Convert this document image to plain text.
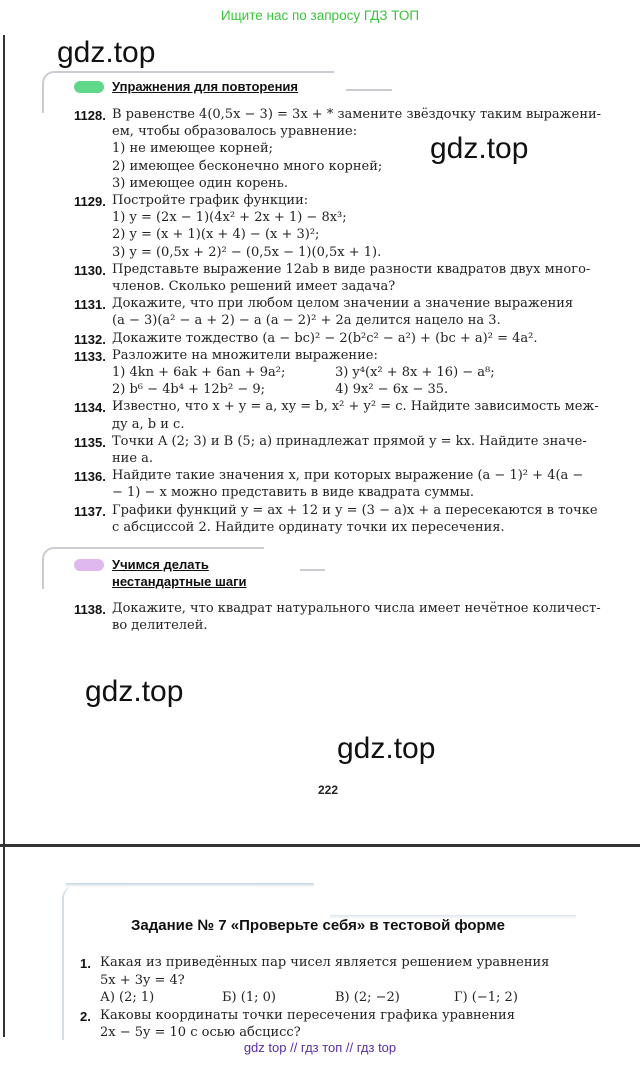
Ищите нас по запросу ГДЗ ТОП
Упражнения для повторения
Учимся делать
нестандартные шаги
1128. В равенстве 4(0,5x − 3) = 3x + * замените звёздочку таким выражени-
ем, чтобы образовалось уравнение:
1) не имеющее корней;
2) имеющее бесконечно много корней;
3) имеющее один корень.
1129. Постройте график функции:
1) y = (2x − 1)(4x² + 2x + 1) − 8x³;
2) y = (x + 1)(x + 4) − (x + 3)²;
3) y = (0,5x + 2)² − (0,5x − 1)(0,5x + 1).
1130. Представьте выражение 12ab в виде разности квадратов двух много-
членов. Сколько решений имеет задача?
1131. Докажите, что при любом целом значении a значение выражения
(a − 3)(a² − a + 2) − a (a − 2)² + 2a делится нацело на 3.
1132. Докажите тождество (a − bc)² − 2(b²c² − a²) + (bc + a)² = 4a².
1133. Разложите на множители выражение:
1) 4kn + 6ak + 6an + 9a²;            3) y⁴(x² + 8x + 16) − a⁸;
2) b⁶ − 4b⁴ + 12b² − 9;                 4) 9x² − 6x − 35.
1134. Известно, что x + y = a, xy = b, x² + y² = c. Найдите зависимость меж-
ду a, b и c.
1135. Точки A (2; 3) и B (5; a) принадлежат прямой y = kx. Найдите значе-
ние a.
1136. Найдите такие значения x, при которых выражение (a − 1)² + 4(a −
− 1) − x можно представить в виде квадрата суммы.
1137. Графики функций y = ax + 12 и y = (3 − a)x + a пересекаются в точке
с абсциссой 2. Найдите ординату точки их пересечения.
1138. Докажите, что квадрат натурального числа имеет нечётное количест-
во делителей.
gdz.top
gdz.top
gdz.top
gdz.top
222
Задание № 7 «Проверьте себя» в тестовой форме
1. Какая из приведённых пар чисел является решением уравнения
5x + 3y = 4?
А) (2; 1)	Б) (1; 0)	В) (2; −2)	Г) (−1; 2)
2. Каковы координаты точки пересечения графика уравнения
2x − 5y = 10 с осью абсцисс?
gdz top // гдз топ // гдз top
